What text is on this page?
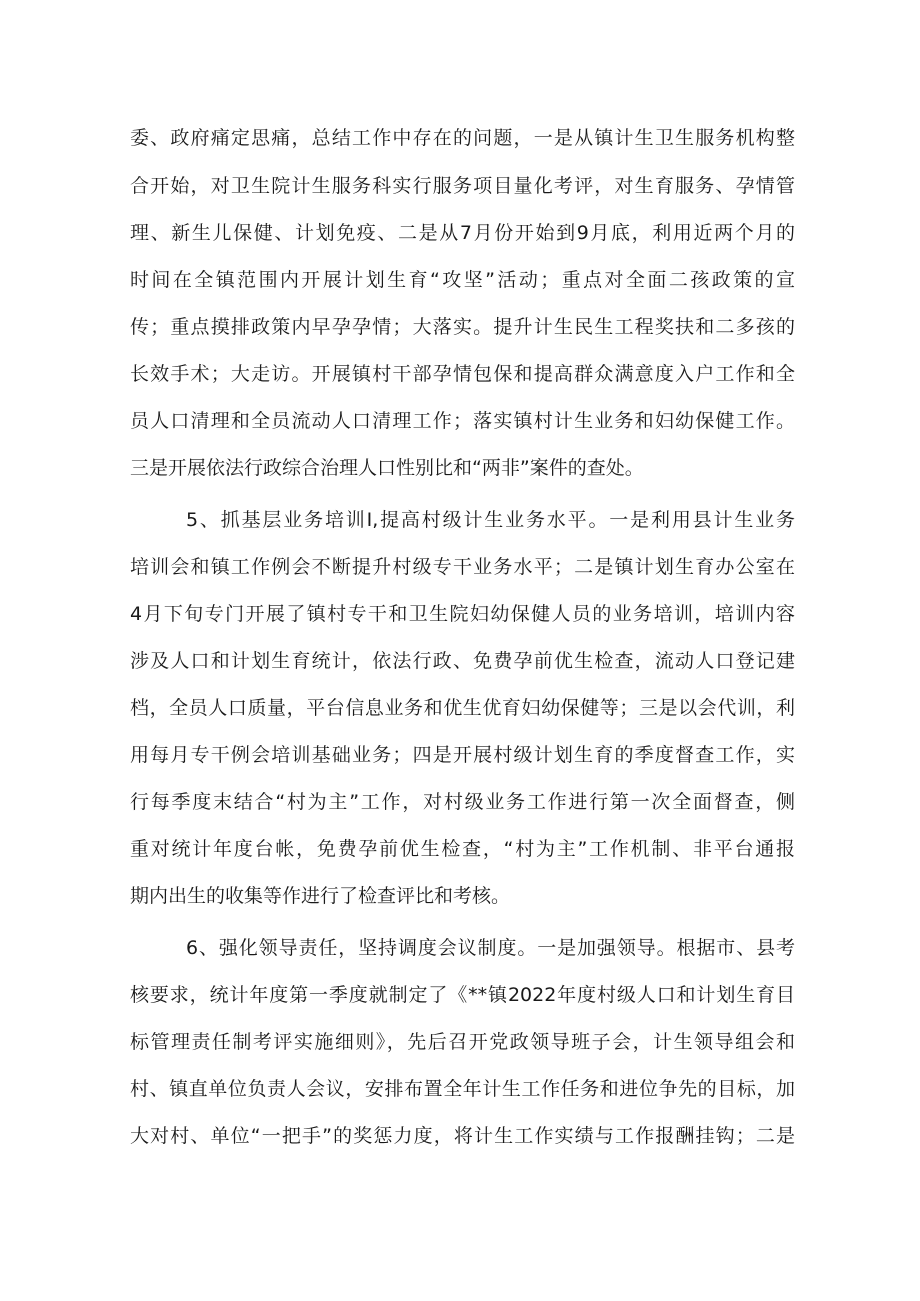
委、政府痛定思痛，总结工作中存在的问题，一是从镇计生卫生服务机构整
合开始，对卫生院计生服务科实行服务项目量化考评，对生育服务、孕情管
理、新生儿保健、计划免疫、二是从7月份开始到9月底，利用近两个月的
时间在全镇范围内开展计划生育“攻坚”活动；重点对全面二孩政策的宣
传；重点摸排政策内早孕孕情；大落实。提升计生民生工程奖扶和二多孩的
长效手术；大走访。开展镇村干部孕情包保和提高群众满意度入户工作和全
员人口清理和全员流动人口清理工作；落实镇村计生业务和妇幼保健工作。
三是开展依法行政综合治理人口性别比和“两非”案件的查处。
5、抓基层业务培训I,提高村级计生业务水平。一是利用县计生业务
培训会和镇工作例会不断提升村级专干业务水平；二是镇计划生育办公室在
4月下旬专门开展了镇村专干和卫生院妇幼保健人员的业务培训，培训内容
涉及人口和计划生育统计，依法行政、免费孕前优生检查，流动人口登记建
档，全员人口质量，平台信息业务和优生优育妇幼保健等；三是以会代训，利
用每月专干例会培训基础业务；四是开展村级计划生育的季度督查工作，实
行每季度末结合“村为主”工作，对村级业务工作进行第一次全面督查，侧
重对统计年度台帐，免费孕前优生检查，“村为主”工作机制、非平台通报
期内出生的收集等作进行了检查评比和考核。
6、强化领导责任，坚持调度会议制度。一是加强领导。根据市、县考
核要求，统计年度第一季度就制定了《**镇2022年度村级人口和计划生育目
标管理责任制考评实施细则》，先后召开党政领导班子会，计生领导组会和
村、镇直单位负责人会议，安排布置全年计生工作任务和进位争先的目标，加
大对村、单位“一把手”的奖惩力度，将计生工作实绩与工作报酬挂钩；二是
